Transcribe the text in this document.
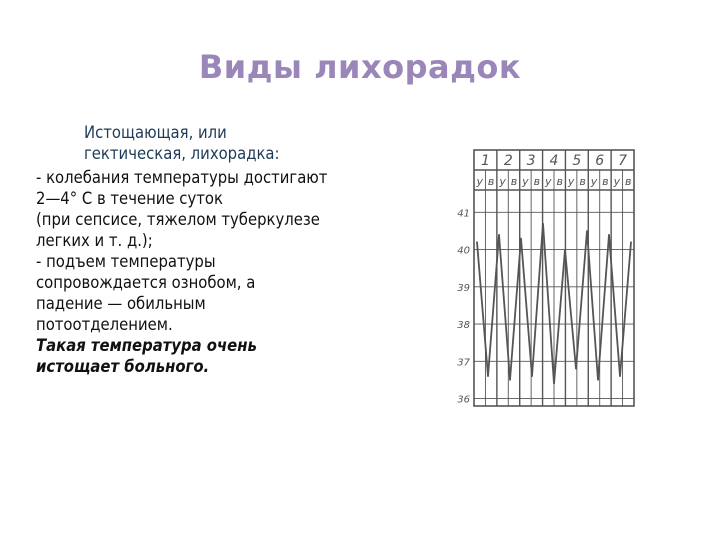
Виды лихорадок
Истощающая, или
гектическая, лихорадка:
- колебания температуры достигают
2—4° С в течение суток
(при сепсисе, тяжелом туберкулезе
легких и т. д.);
- подъем температуры
сопровождается ознобом, а
падение — обильным
потоотделением.
Такая температура очень
истощает больного.
1
у в
2
у в
3
у в
4
у в
5
у в
6
у в
7
у в
41
40
39
38
37
36
